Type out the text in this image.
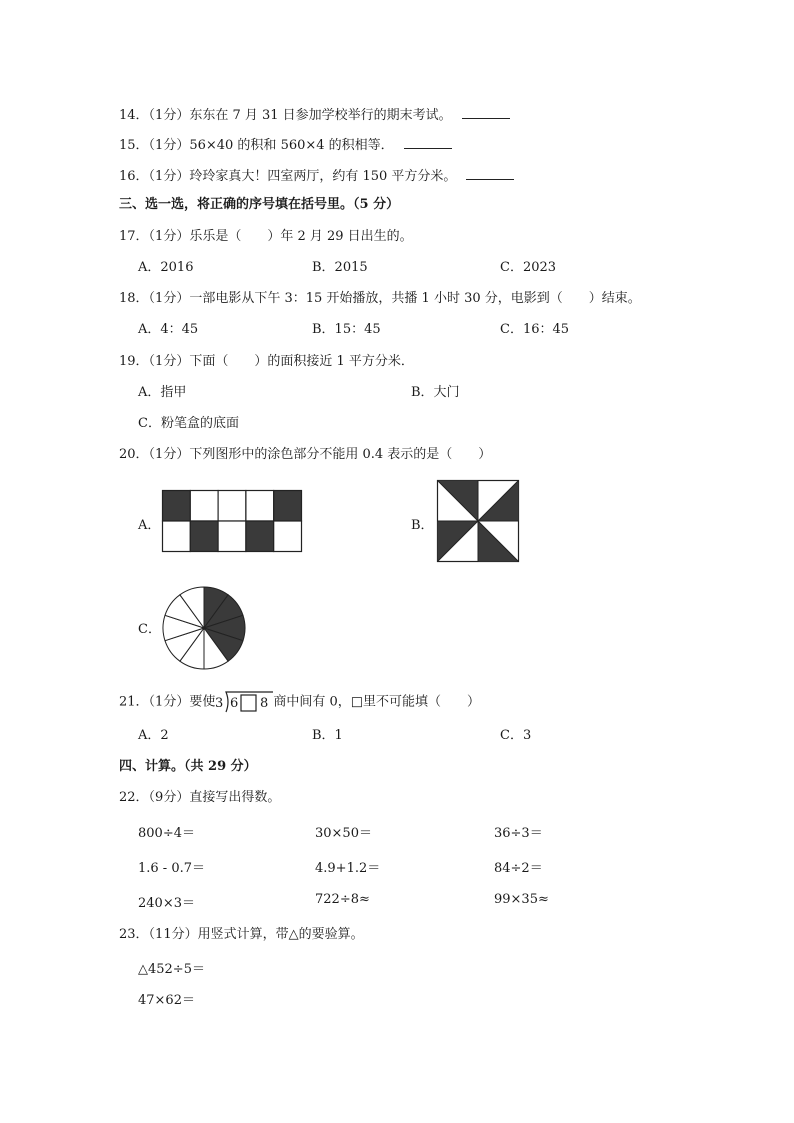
14．（1分）东东在 7 月 31 日参加学校举行的期末考试。
15．（1分）56×40 的积和 560×4 的积相等．
16．（1分）玲玲家真大！四室两厅，约有 150 平方分米。
三、选一选，将正确的序号填在括号里。（5 分）
17．（1分）乐乐是（　　）年 2 月 29 日出生的。
A．2016	B．2015	C．2023
18．（1分）一部电影从下午 3：15 开始播放，共播 1 小时 30 分，电影到（　　）结束。
A．4：45	B．15：45	C．16：45
19．（1分）下面（　　）的面积接近 1 平方分米．
A．指甲	B．大门
C．粉笔盒的底面
20．（1分）下列图形中的涂色部分不能用 0.4 表示的是（　　）
A．	B．
C．
21．（1分）要使 3 6 8 商中间有 0，□里不可能填（　　）
A．2	B．1	C．3
四、计算。（共 29 分）
22．（9分）直接写出得数。
800÷4＝	30×50＝	36÷3＝
1.6 - 0.7＝	4.9+1.2＝	84÷2＝
240×3＝	722÷8≈	99×35≈
23．（11分）用竖式计算，带△的要验算。
△452÷5＝
47×62＝
